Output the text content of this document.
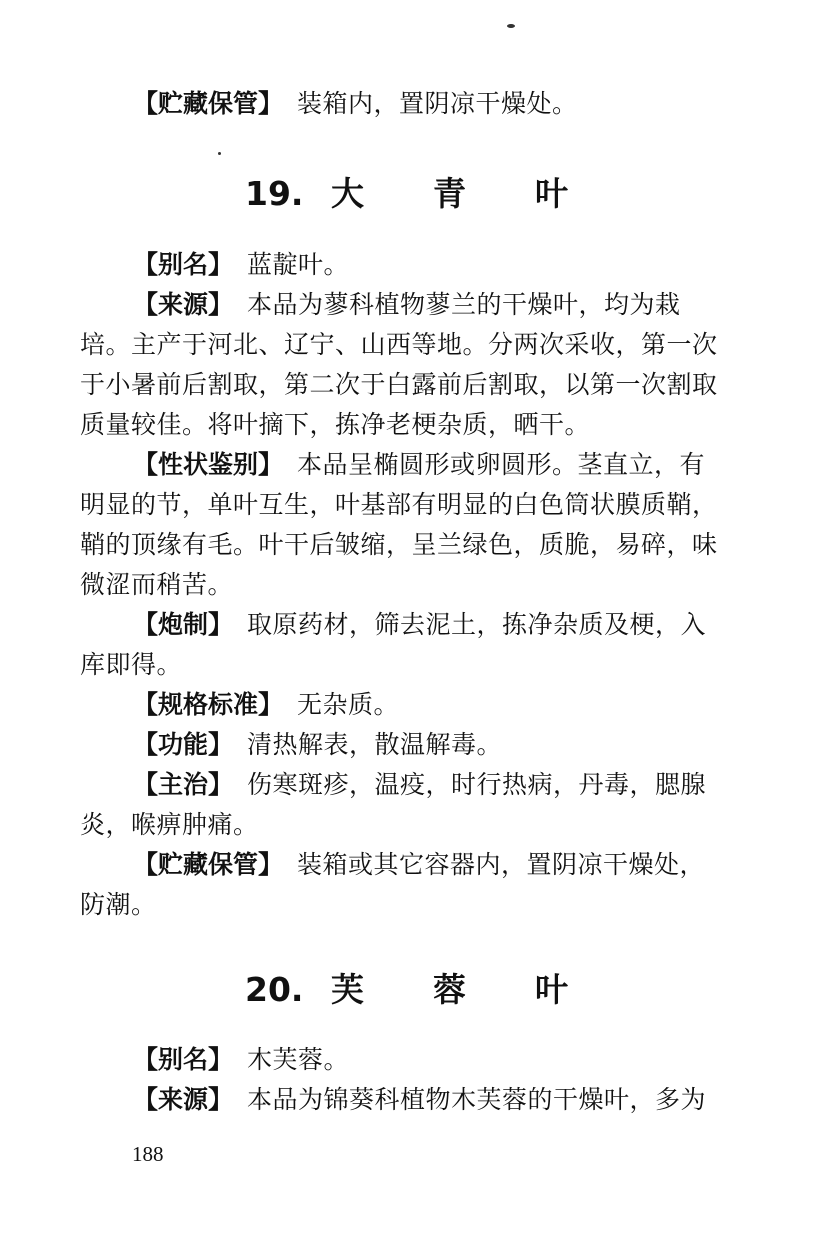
【贮藏保管】 装箱内，置阴凉干燥处。
19. 大 青 叶
【别名】 蓝靛叶。
【来源】 本品为蓼科植物蓼兰的干燥叶，均为栽
培。主产于河北、辽宁、山西等地。分两次采收，第一次
于小暑前后割取，第二次于白露前后割取，以第一次割取
质量较佳。将叶摘下，拣净老梗杂质，晒干。
【性状鉴别】 本品呈椭圆形或卵圆形。茎直立，有
明显的节，单叶互生，叶基部有明显的白色筒状膜质鞘，
鞘的顶缘有毛。叶干后皱缩，呈兰绿色，质脆，易碎，味
微涩而稍苦。
【炮制】 取原药材，筛去泥土，拣净杂质及梗，入
库即得。
【规格标准】 无杂质。
【功能】 清热解表，散温解毒。
【主治】 伤寒斑疹，温疫，时行热病，丹毒，腮腺
炎，喉痹肿痛。
【贮藏保管】 装箱或其它容器内，置阴凉干燥处，
防潮。
20. 芙 蓉 叶
【别名】 木芙蓉。
【来源】 本品为锦葵科植物木芙蓉的干燥叶，多为
188
